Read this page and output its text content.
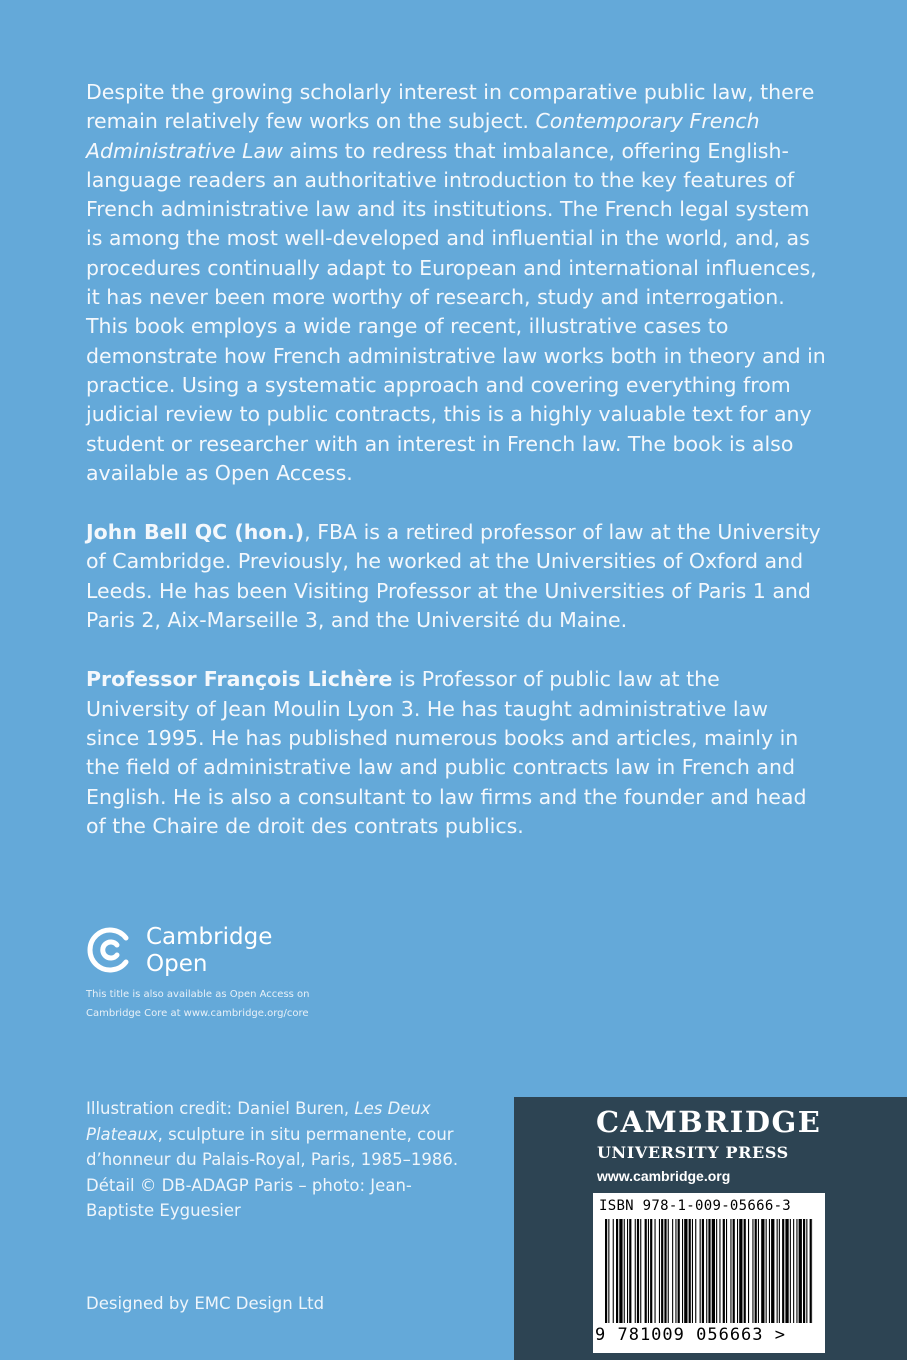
Despite the growing scholarly interest in comparative public law, there remain relatively few works on the subject. Contemporary French Administrative Law aims to redress that imbalance, offering English-language readers an authoritative introduction to the key features of French administrative law and its institutions. The French legal system is among the most well-developed and influential in the world, and, as procedures continually adapt to European and international influences, it has never been more worthy of research, study and interrogation. This book employs a wide range of recent, illustrative cases to demonstrate how French administrative law works both in theory and in practice. Using a systematic approach and covering everything from judicial review to public contracts, this is a highly valuable text for any student or researcher with an interest in French law. The book is also available as Open Access.

John Bell QC (hon.), FBA is a retired professor of law at the University of Cambridge. Previously, he worked at the Universities of Oxford and Leeds. He has been Visiting Professor at the Universities of Paris 1 and Paris 2, Aix-Marseille 3, and the Université du Maine.

Professor François Lichère is Professor of public law at the University of Jean Moulin Lyon 3. He has taught administrative law since 1995. He has published numerous books and articles, mainly in the field of administrative law and public contracts law in French and English. He is also a consultant to law firms and the founder and head of the Chaire de droit des contrats publics.

Cambridge
Open
This title is also available as Open Access on
Cambridge Core at www.cambridge.org/core
Illustration credit: Daniel Buren, Les Deux Plateaux, sculpture in situ permanente, cour d’honneur du Palais-Royal, Paris, 1985–1986. Détail © DB-ADAGP Paris – photo: Jean-Baptiste Eyguesier
Designed by EMC Design Ltd
CAMBRIDGE
UNIVERSITY PRESS
www.cambridge.org
ISBN 978-1-009-05666-3
9 781009 056663 >
